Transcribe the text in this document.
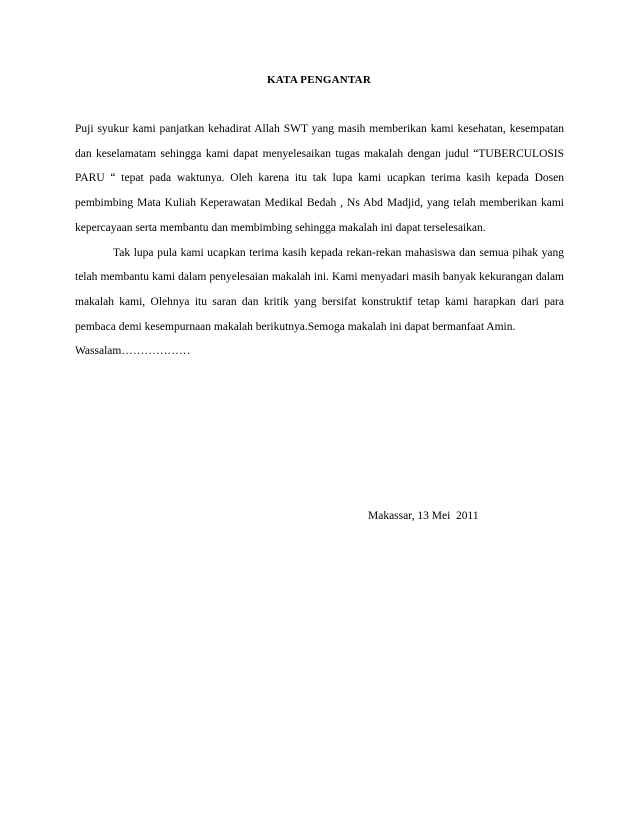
KATA PENGANTAR

Puji syukur kami panjatkan kehadirat Allah SWT yang masih memberikan kami kesehatan, kesempatan dan keselamatam sehingga kami dapat menyelesaikan tugas makalah dengan judul “TUBERCULOSIS PARU “ tepat pada waktunya. Oleh karena itu tak lupa kami ucapkan terima kasih kepada Dosen pembimbing Mata Kuliah Keperawatan Medikal Bedah , Ns Abd Madjid, yang telah memberikan kami kepercayaan serta membantu dan membimbing sehingga makalah ini dapat terselesaikan.

Tak lupa pula kami ucapkan terima kasih kepada rekan-rekan mahasiswa dan semua pihak yang telah membantu kami dalam penyelesaian makalah ini. Kami menyadari masih banyak kekurangan dalam makalah kami, Olehnya itu saran dan kritik yang bersifat konstruktif tetap kami harapkan dari para pembaca demi kesempurnaan makalah berikutnya.Semoga makalah ini dapat bermanfaat Amin.

Wassalam………………

Makassar, 13 Mei  2011
